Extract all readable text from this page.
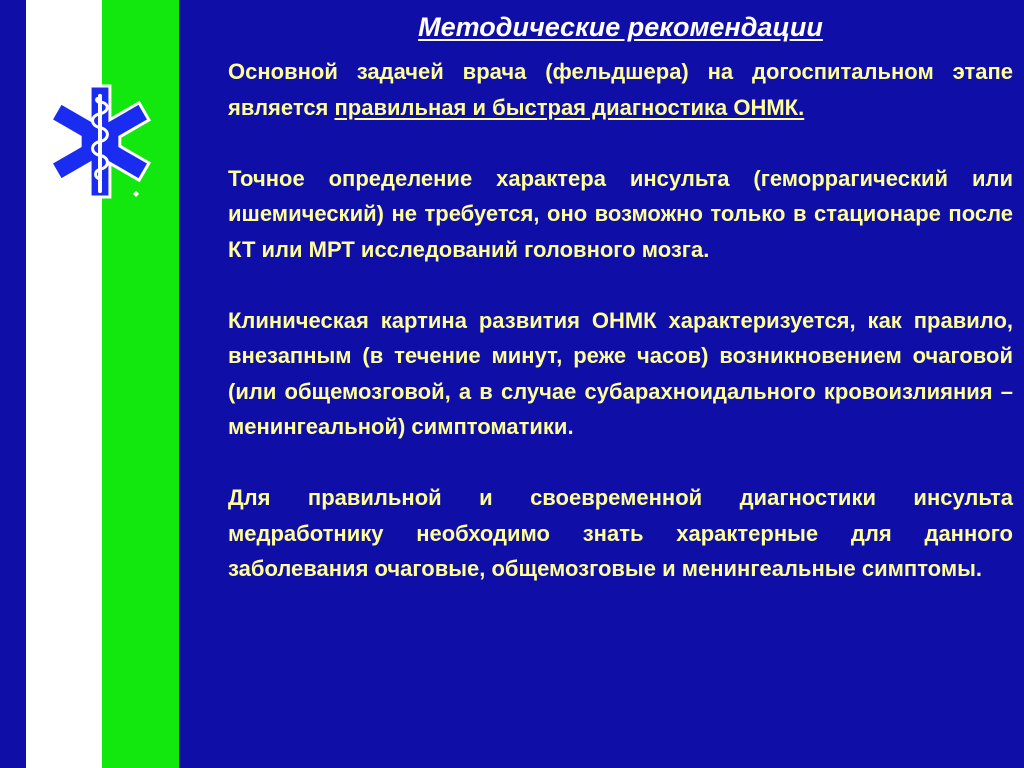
◆
Методические рекомендации

Основной задачей врача (фельдшера) на догоспитальном этапе является правильная и быстрая диагностика ОНМК.

Точное определение характера инсульта (геморрагический или ишемический) не требуется, оно возможно только в стационаре после КТ или МРТ исследований головного мозга.

Клиническая картина развития ОНМК характеризуется, как правило, внезапным (в течение минут, реже часов) возникновением очаговой (или общемозговой, а в случае субарахноидального кровоизлияния – менингеальной) симптоматики.

Для правильной и своевременной диагностики инсульта медработнику необходимо знать характерные для данного заболевания очаговые, общемозговые и менингеальные симптомы.
